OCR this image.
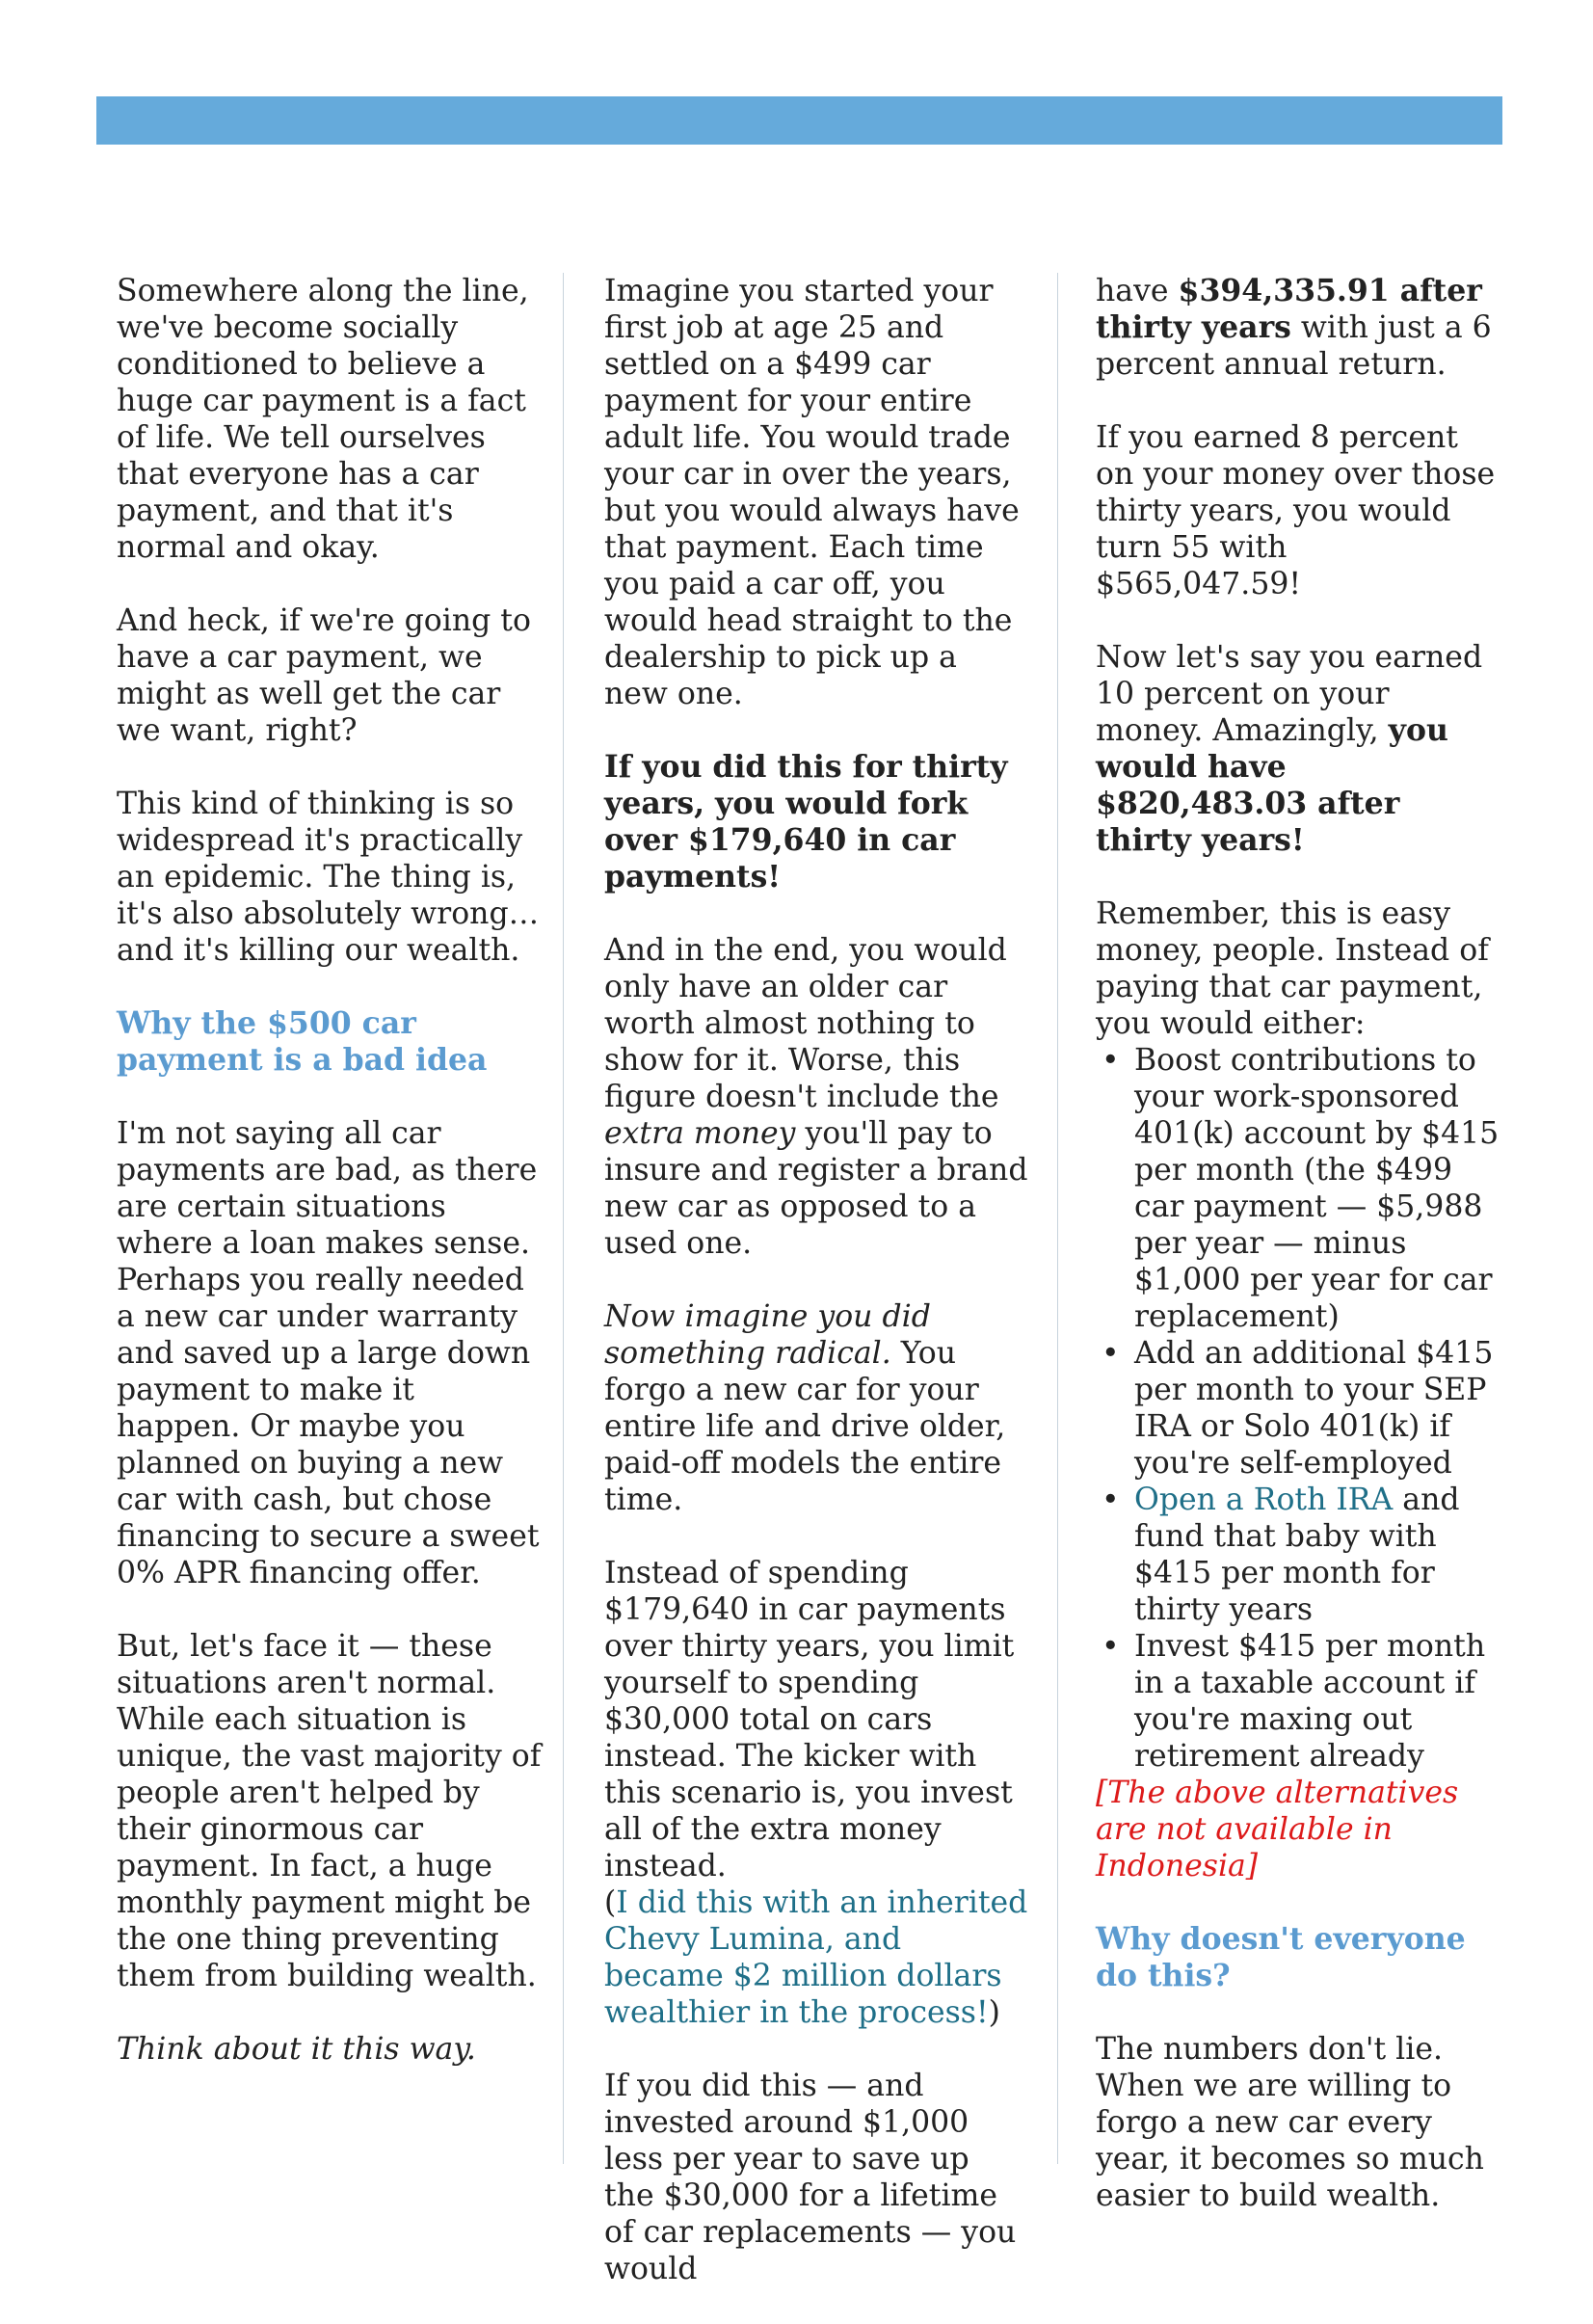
Somewhere along the line, we've become socially conditioned to believe a huge car payment is a fact of life. We tell ourselves that everyone has a car payment, and that it's normal and okay.

And heck, if we're going to have a car payment, we might as well get the car we want, right?

This kind of thinking is so widespread it's practically an epidemic. The thing is, it's also absolutely wrong… and it's killing our wealth.

Why the $500 car payment is a bad idea

I'm not saying all car payments are bad, as there are certain situations where a loan makes sense. Perhaps you really needed a new car under warranty and saved up a large down payment to make it happen. Or maybe you planned on buying a new car with cash, but chose financing to secure a sweet 0% APR financing offer.

But, let's face it — these situations aren't normal. While each situation is unique, the vast majority of people aren't helped by their ginormous car payment. In fact, a huge monthly payment might be the one thing preventing them from building wealth.

Think about it this way.

Imagine you started your first job at age 25 and settled on a $499 car payment for your entire adult life. You would trade your car in over the years, but you would always have that payment. Each time you paid a car off, you would head straight to the dealership to pick up a new one.

If you did this for thirty years, you would fork over $179,640 in car payments!

And in the end, you would only have an older car worth almost nothing to show for it. Worse, this figure doesn't include the extra money you'll pay to insure and register a brand new car as opposed to a used one.

Now imagine you did something radical. You forgo a new car for your entire life and drive older, paid-off models the entire time.

Instead of spending $179,640 in car payments over thirty years, you limit yourself to spending $30,000 total on cars instead. The kicker with this scenario is, you invest all of the extra money instead.
(I did this with an inherited Chevy Lumina, and became $2 million dollars wealthier in the process!)

If you did this — and invested around $1,000 less per year to save up the $30,000 for a lifetime of car replacements — you would

have $394,335.91 after thirty years with just a 6 percent annual return.

If you earned 8 percent on your money over those thirty years, you would turn 55 with $565,047.59!

Now let's say you earned 10 percent on your money. Amazingly, you would have $820,483.03 after thirty years!

Remember, this is easy money, people. Instead of paying that car payment, you would either:
• Boost contributions to your work-sponsored 401(k) account by $415 per month (the $499 car payment — $5,988 per year — minus $1,000 per year for car replacement)
• Add an additional $415 per month to your SEP IRA or Solo 401(k) if you're self-employed
• Open a Roth IRA and fund that baby with $415 per month for thirty years
• Invest $415 per month in a taxable account if you're maxing out retirement already
[The above alternatives are not available in Indonesia]

Why doesn't everyone do this?

The numbers don't lie. When we are willing to forgo a new car every year, it becomes so much easier to build wealth.
